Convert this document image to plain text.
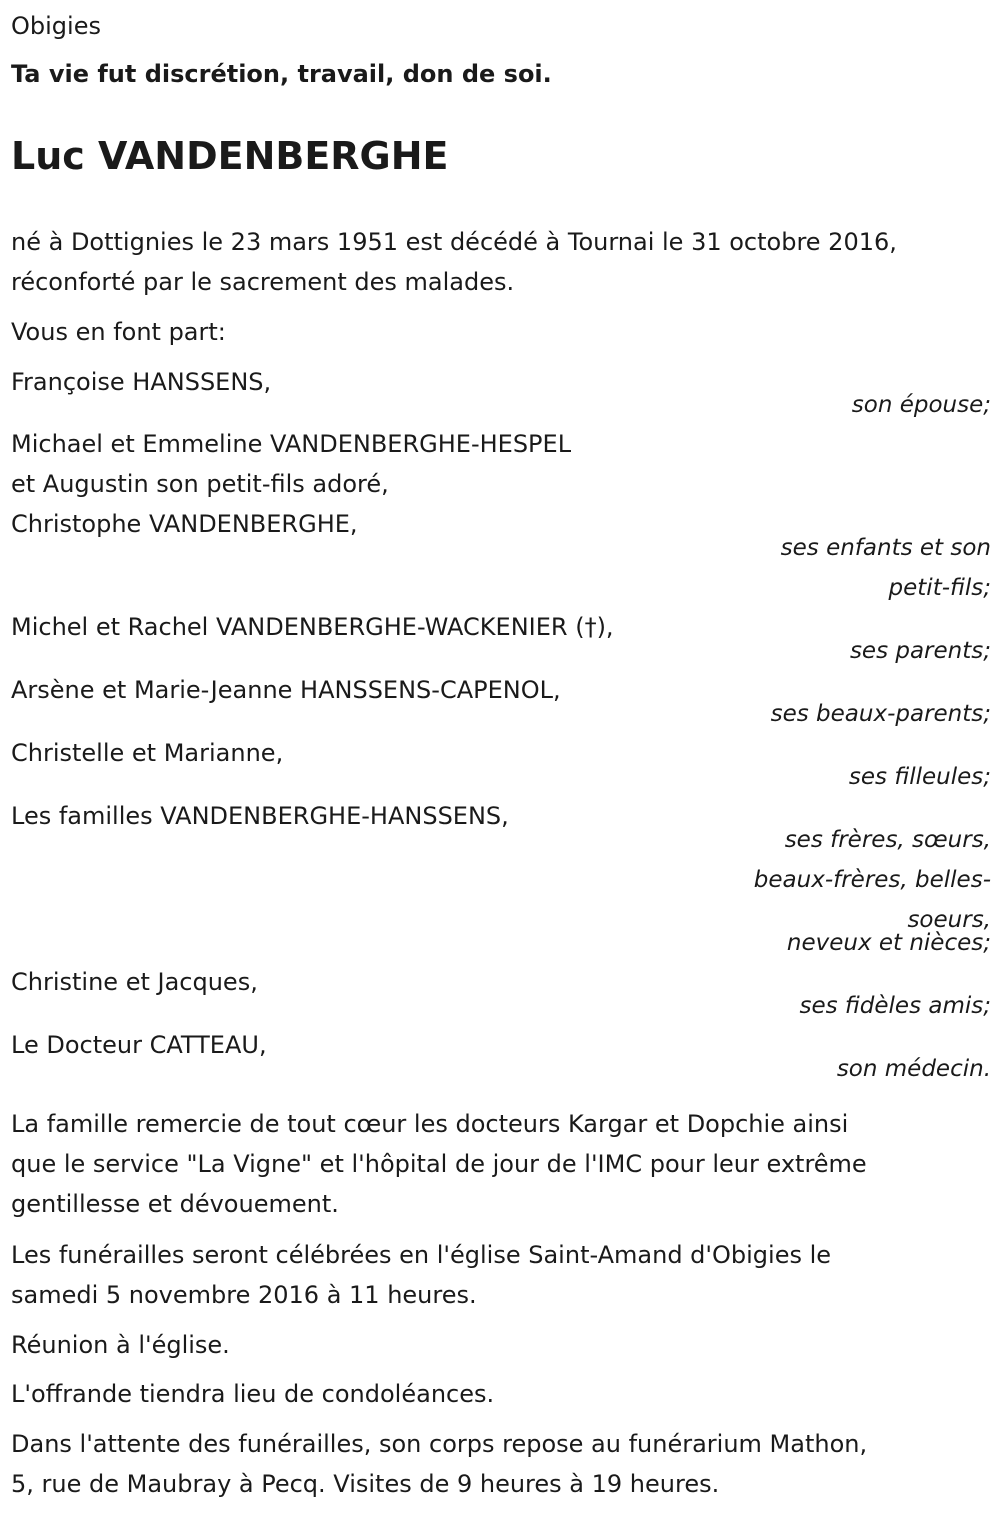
Obigies
Ta vie fut discrétion, travail, don de soi.
Luc VANDENBERGHE
né à Dottignies le 23 mars 1951 est décédé à Tournai le 31 octobre 2016,
réconforté par le sacrement des malades.
Vous en font part:
Françoise HANSSENS,
son épouse;
Michael et Emmeline VANDENBERGHE-HESPEL
et Augustin son petit-fils adoré,
Christophe VANDENBERGHE,
ses enfants et son
petit-fils;
Michel et Rachel VANDENBERGHE-WACKENIER (†),
ses parents;
Arsène et Marie-Jeanne HANSSENS-CAPENOL,
ses beaux-parents;
Christelle et Marianne,
ses filleules;
Les familles VANDENBERGHE-HANSSENS,
ses frères, sœurs,
beaux-frères, belles-
soeurs,
neveux et nièces;
Christine et Jacques,
ses fidèles amis;
Le Docteur CATTEAU,
son médecin.
La famille remercie de tout cœur les docteurs Kargar et Dopchie ainsi
que le service "La Vigne" et l'hôpital de jour de l'IMC pour leur extrême
gentillesse et dévouement.
Les funérailles seront célébrées en l'église Saint-Amand d'Obigies le
samedi 5 novembre 2016 à 11 heures.
Réunion à l'église.
L'offrande tiendra lieu de condoléances.
Dans l'attente des funérailles, son corps repose au funérarium Mathon,
5, rue de Maubray à Pecq. Visites de 9 heures à 19 heures.
